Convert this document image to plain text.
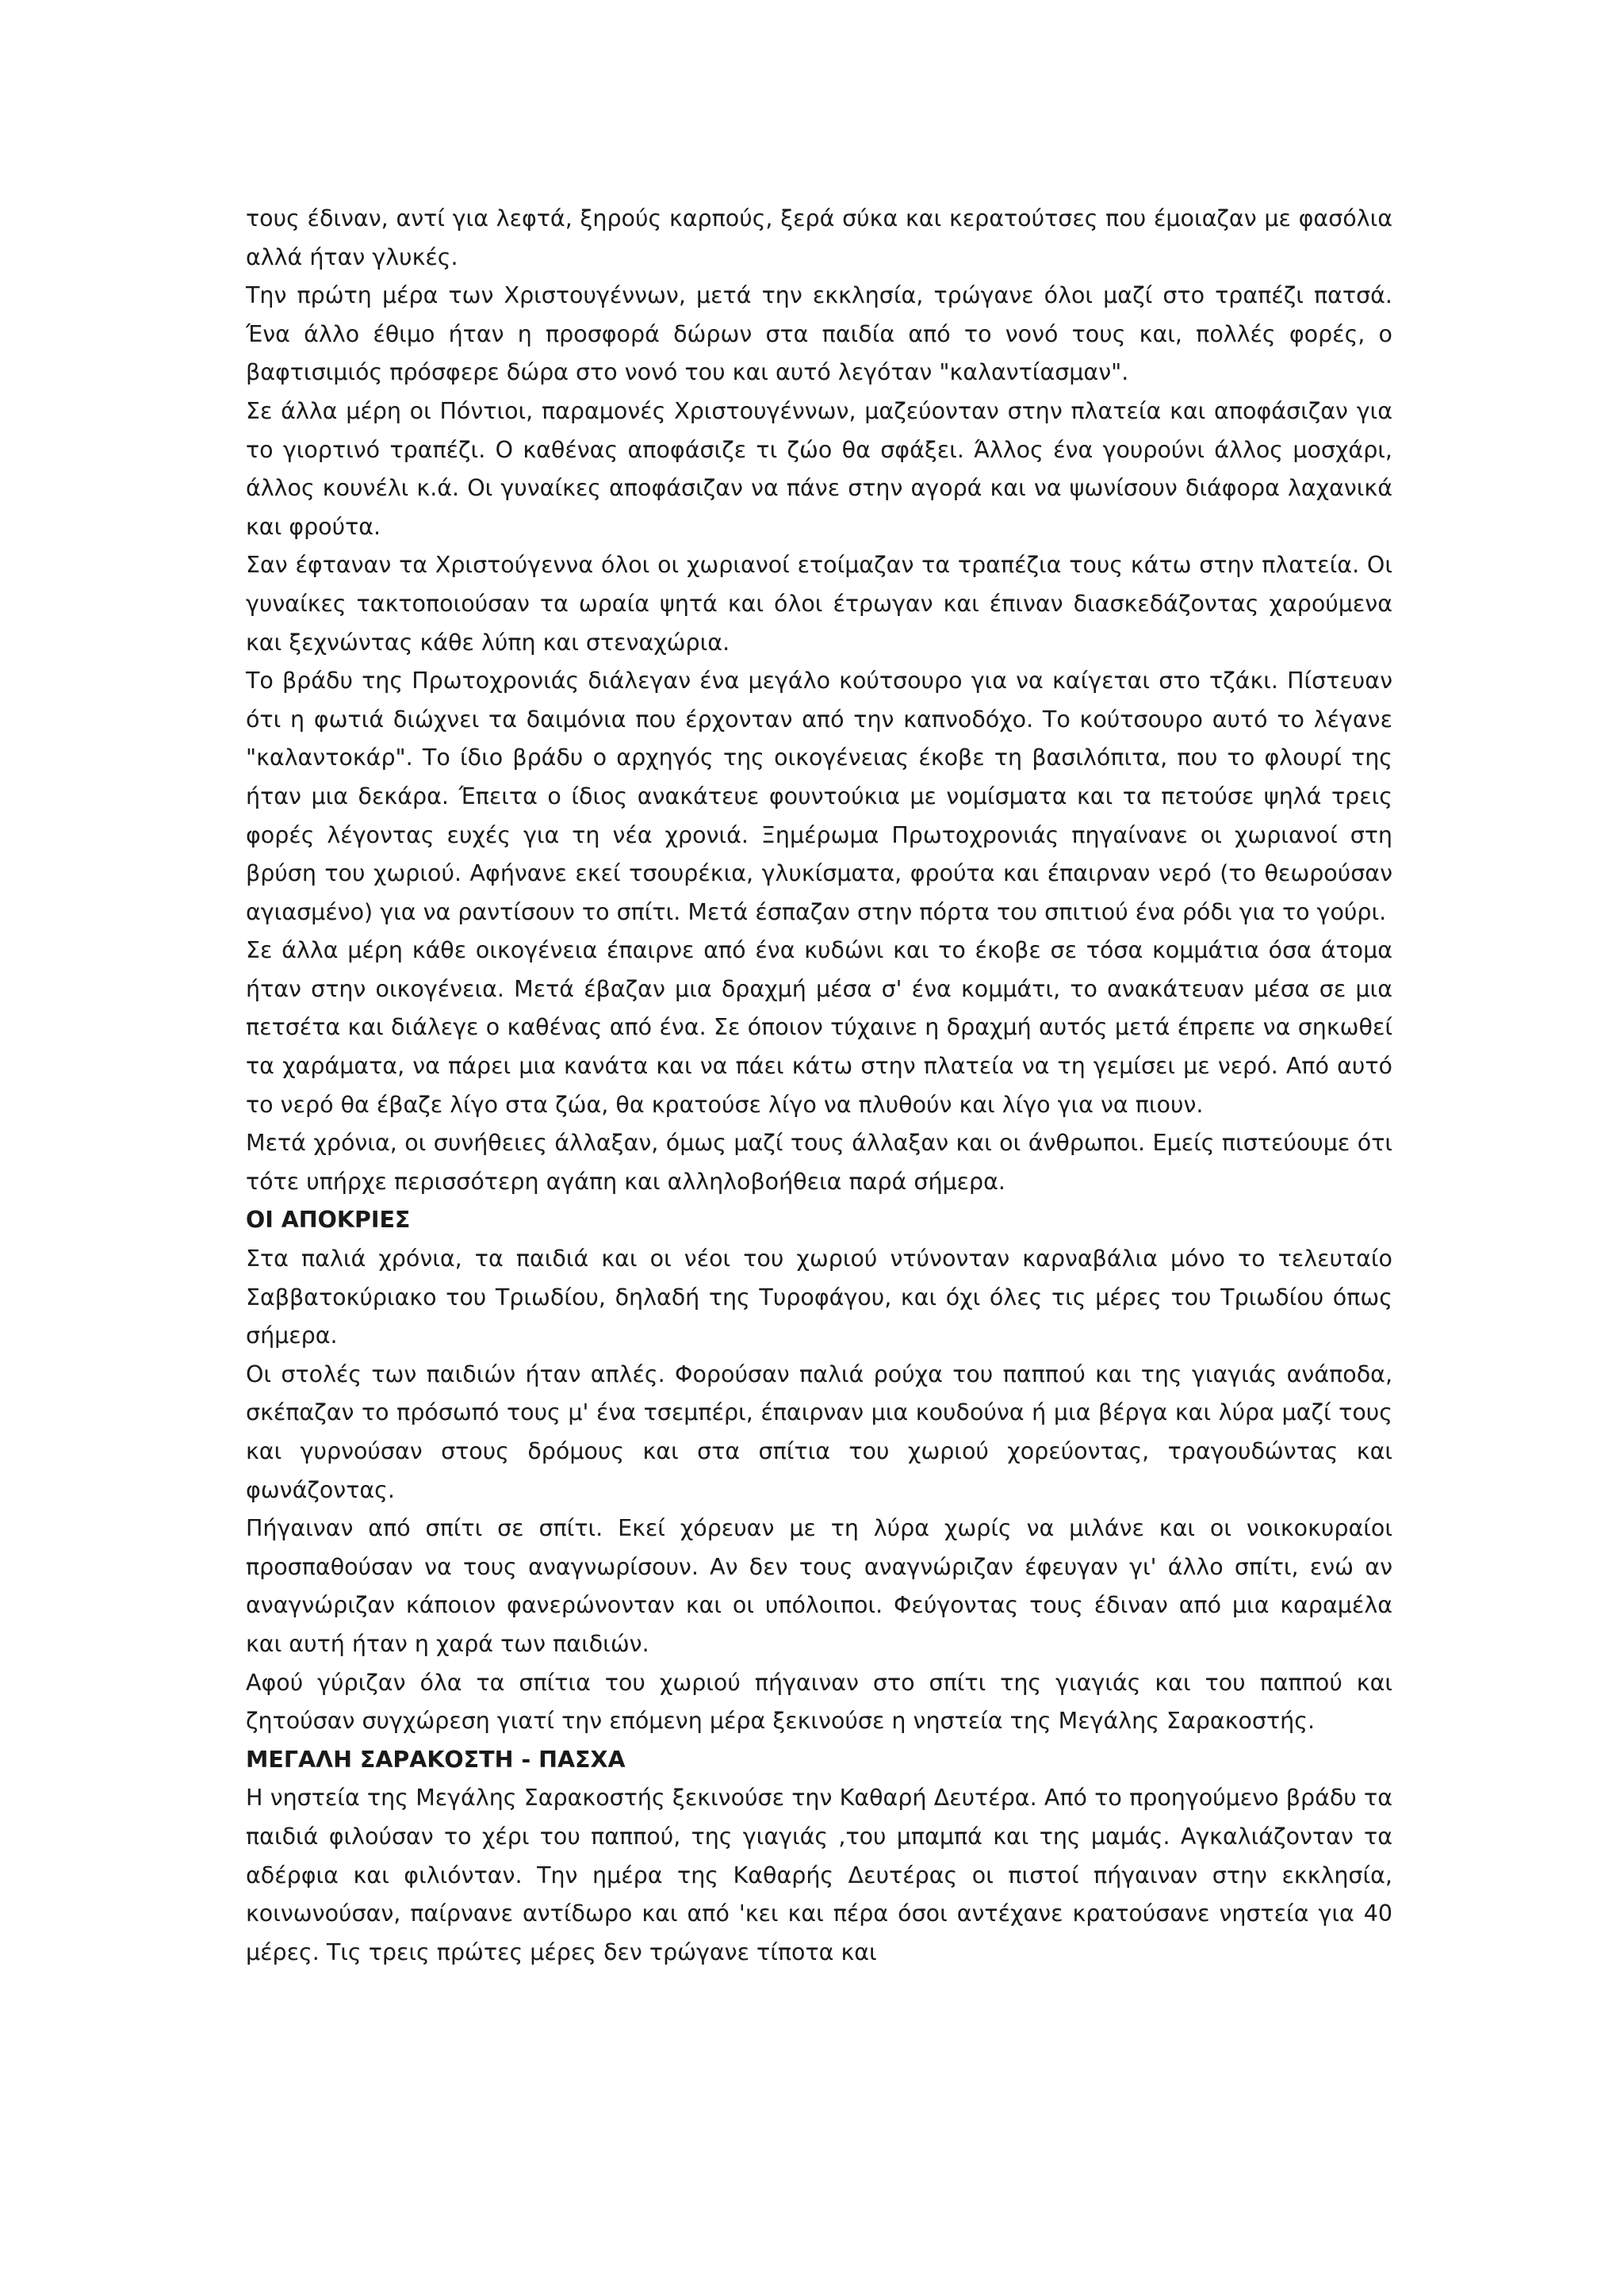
τους έδιναν, αντί για λεφτά, ξηρούς καρπούς, ξερά σύκα και κερατούτσες που έμοιαζαν με φασόλια αλλά ήταν γλυκές.

Την πρώτη μέρα των Χριστουγέννων, μετά την εκκλησία, τρώγανε όλοι μαζί στο τραπέζι πατσά. Ένα άλλο έθιμο ήταν η προσφορά δώρων στα παιδία από το νονό τους και, πολλές φορές, ο βαφτισιμιός πρόσφερε δώρα στο νονό του και αυτό λεγόταν "καλαντίασμαν".

Σε άλλα μέρη οι Πόντιοι, παραμονές Χριστουγέννων, μαζεύονταν στην πλατεία και αποφάσιζαν για το γιορτινό τραπέζι. Ο καθένας αποφάσιζε τι ζώο θα σφάξει. Άλλος ένα γουρούνι άλλος μοσχάρι, άλλος κουνέλι κ.ά. Οι γυναίκες αποφάσιζαν να πάνε στην αγορά και να ψωνίσουν διάφορα λαχανικά και φρούτα.

Σαν έφταναν τα Χριστούγεννα όλοι οι χωριανοί ετοίμαζαν τα τραπέζια τους κάτω στην πλατεία. Οι γυναίκες τακτοποιούσαν τα ωραία ψητά και όλοι έτρωγαν και έπιναν διασκεδάζοντας χαρούμενα και ξεχνώντας κάθε λύπη και στεναχώρια.

Το βράδυ της Πρωτοχρονιάς διάλεγαν ένα μεγάλο κούτσουρο για να καίγεται στο τζάκι. Πίστευαν ότι η φωτιά διώχνει τα δαιμόνια που έρχονταν από την καπνοδόχο. Το κούτσουρο αυτό το λέγανε "καλαντοκάρ". Το ίδιο βράδυ ο αρχηγός της οικογένειας έκοβε τη βασιλόπιτα, που το φλουρί της ήταν μια δεκάρα. Έπειτα ο ίδιος ανακάτευε φουντούκια με νομίσματα και τα πετούσε ψηλά τρεις φορές λέγοντας ευχές για τη νέα χρονιά. Ξημέρωμα Πρωτοχρονιάς πηγαίνανε οι χωριανοί στη βρύση του χωριού. Αφήνανε εκεί τσουρέκια, γλυκίσματα, φρούτα και έπαιρναν νερό (το θεωρούσαν αγιασμένο) για να ραντίσουν το σπίτι. Μετά έσπαζαν στην πόρτα του σπιτιού ένα ρόδι για το γούρι.

Σε άλλα μέρη κάθε οικογένεια έπαιρνε από ένα κυδώνι και το έκοβε σε τόσα κομμάτια όσα άτομα ήταν στην οικογένεια. Μετά έβαζαν μια δραχμή μέσα σ' ένα κομμάτι, το ανακάτευαν μέσα σε μια πετσέτα και διάλεγε ο καθένας από ένα. Σε όποιον τύχαινε η δραχμή αυτός μετά έπρεπε να σηκωθεί τα χαράματα, να πάρει μια κανάτα και να πάει κάτω στην πλατεία να τη γεμίσει με νερό. Από αυτό το νερό θα έβαζε λίγο στα ζώα, θα κρατούσε λίγο να πλυθούν και λίγο για να πιουν.

Μετά χρόνια, οι συνήθειες άλλαξαν, όμως μαζί τους άλλαξαν και οι άνθρωποι. Εμείς πιστεύουμε ότι τότε υπήρχε περισσότερη αγάπη και αλληλοβοήθεια παρά σήμερα.

ΟΙ ΑΠΟΚΡΙΕΣ

Στα παλιά χρόνια, τα παιδιά και οι νέοι του χωριού ντύνονταν καρναβάλια μόνο το τελευταίο Σαββατοκύριακο του Τριωδίου, δηλαδή της Τυροφάγου, και όχι όλες τις μέρες του Τριωδίου όπως σήμερα.

Οι στολές των παιδιών ήταν απλές. Φορούσαν παλιά ρούχα του παππού και της γιαγιάς ανάποδα, σκέπαζαν το πρόσωπό τους μ' ένα τσεμπέρι, έπαιρναν μια κουδούνα ή μια βέργα και λύρα μαζί τους και γυρνούσαν στους δρόμους και στα σπίτια του χωριού χορεύοντας, τραγουδώντας και φωνάζοντας.

Πήγαιναν από σπίτι σε σπίτι. Εκεί χόρευαν με τη λύρα χωρίς να μιλάνε και οι νοικοκυραίοι προσπαθούσαν να τους αναγνωρίσουν. Αν δεν τους αναγνώριζαν έφευγαν γι' άλλο σπίτι, ενώ αν αναγνώριζαν κάποιον φανερώνονταν και οι υπόλοιποι. Φεύγοντας τους έδιναν από μια καραμέλα και αυτή ήταν η χαρά των παιδιών.

Αφού γύριζαν όλα τα σπίτια του χωριού πήγαιναν στο σπίτι της γιαγιάς και του παππού και ζητούσαν συγχώρεση γιατί την επόμενη μέρα ξεκινούσε η νηστεία της Μεγάλης Σαρακοστής.

ΜΕΓΑΛΗ ΣΑΡΑΚΟΣΤΗ - ΠΑΣΧΑ

Η νηστεία της Μεγάλης Σαρακοστής ξεκινούσε την Καθαρή Δευτέρα. Από το προηγούμενο βράδυ τα παιδιά φιλούσαν το χέρι του παππού, της γιαγιάς ,του μπαμπά και της μαμάς. Αγκαλιάζονταν τα αδέρφια και φιλιόνταν. Την ημέρα της Καθαρής Δευτέρας οι πιστοί πήγαιναν στην εκκλησία, κοινωνούσαν, παίρνανε αντίδωρο και από 'κει και πέρα όσοι αντέχανε κρατούσανε νηστεία για 40 μέρες. Τις τρεις πρώτες μέρες δεν τρώγανε τίποτα και
